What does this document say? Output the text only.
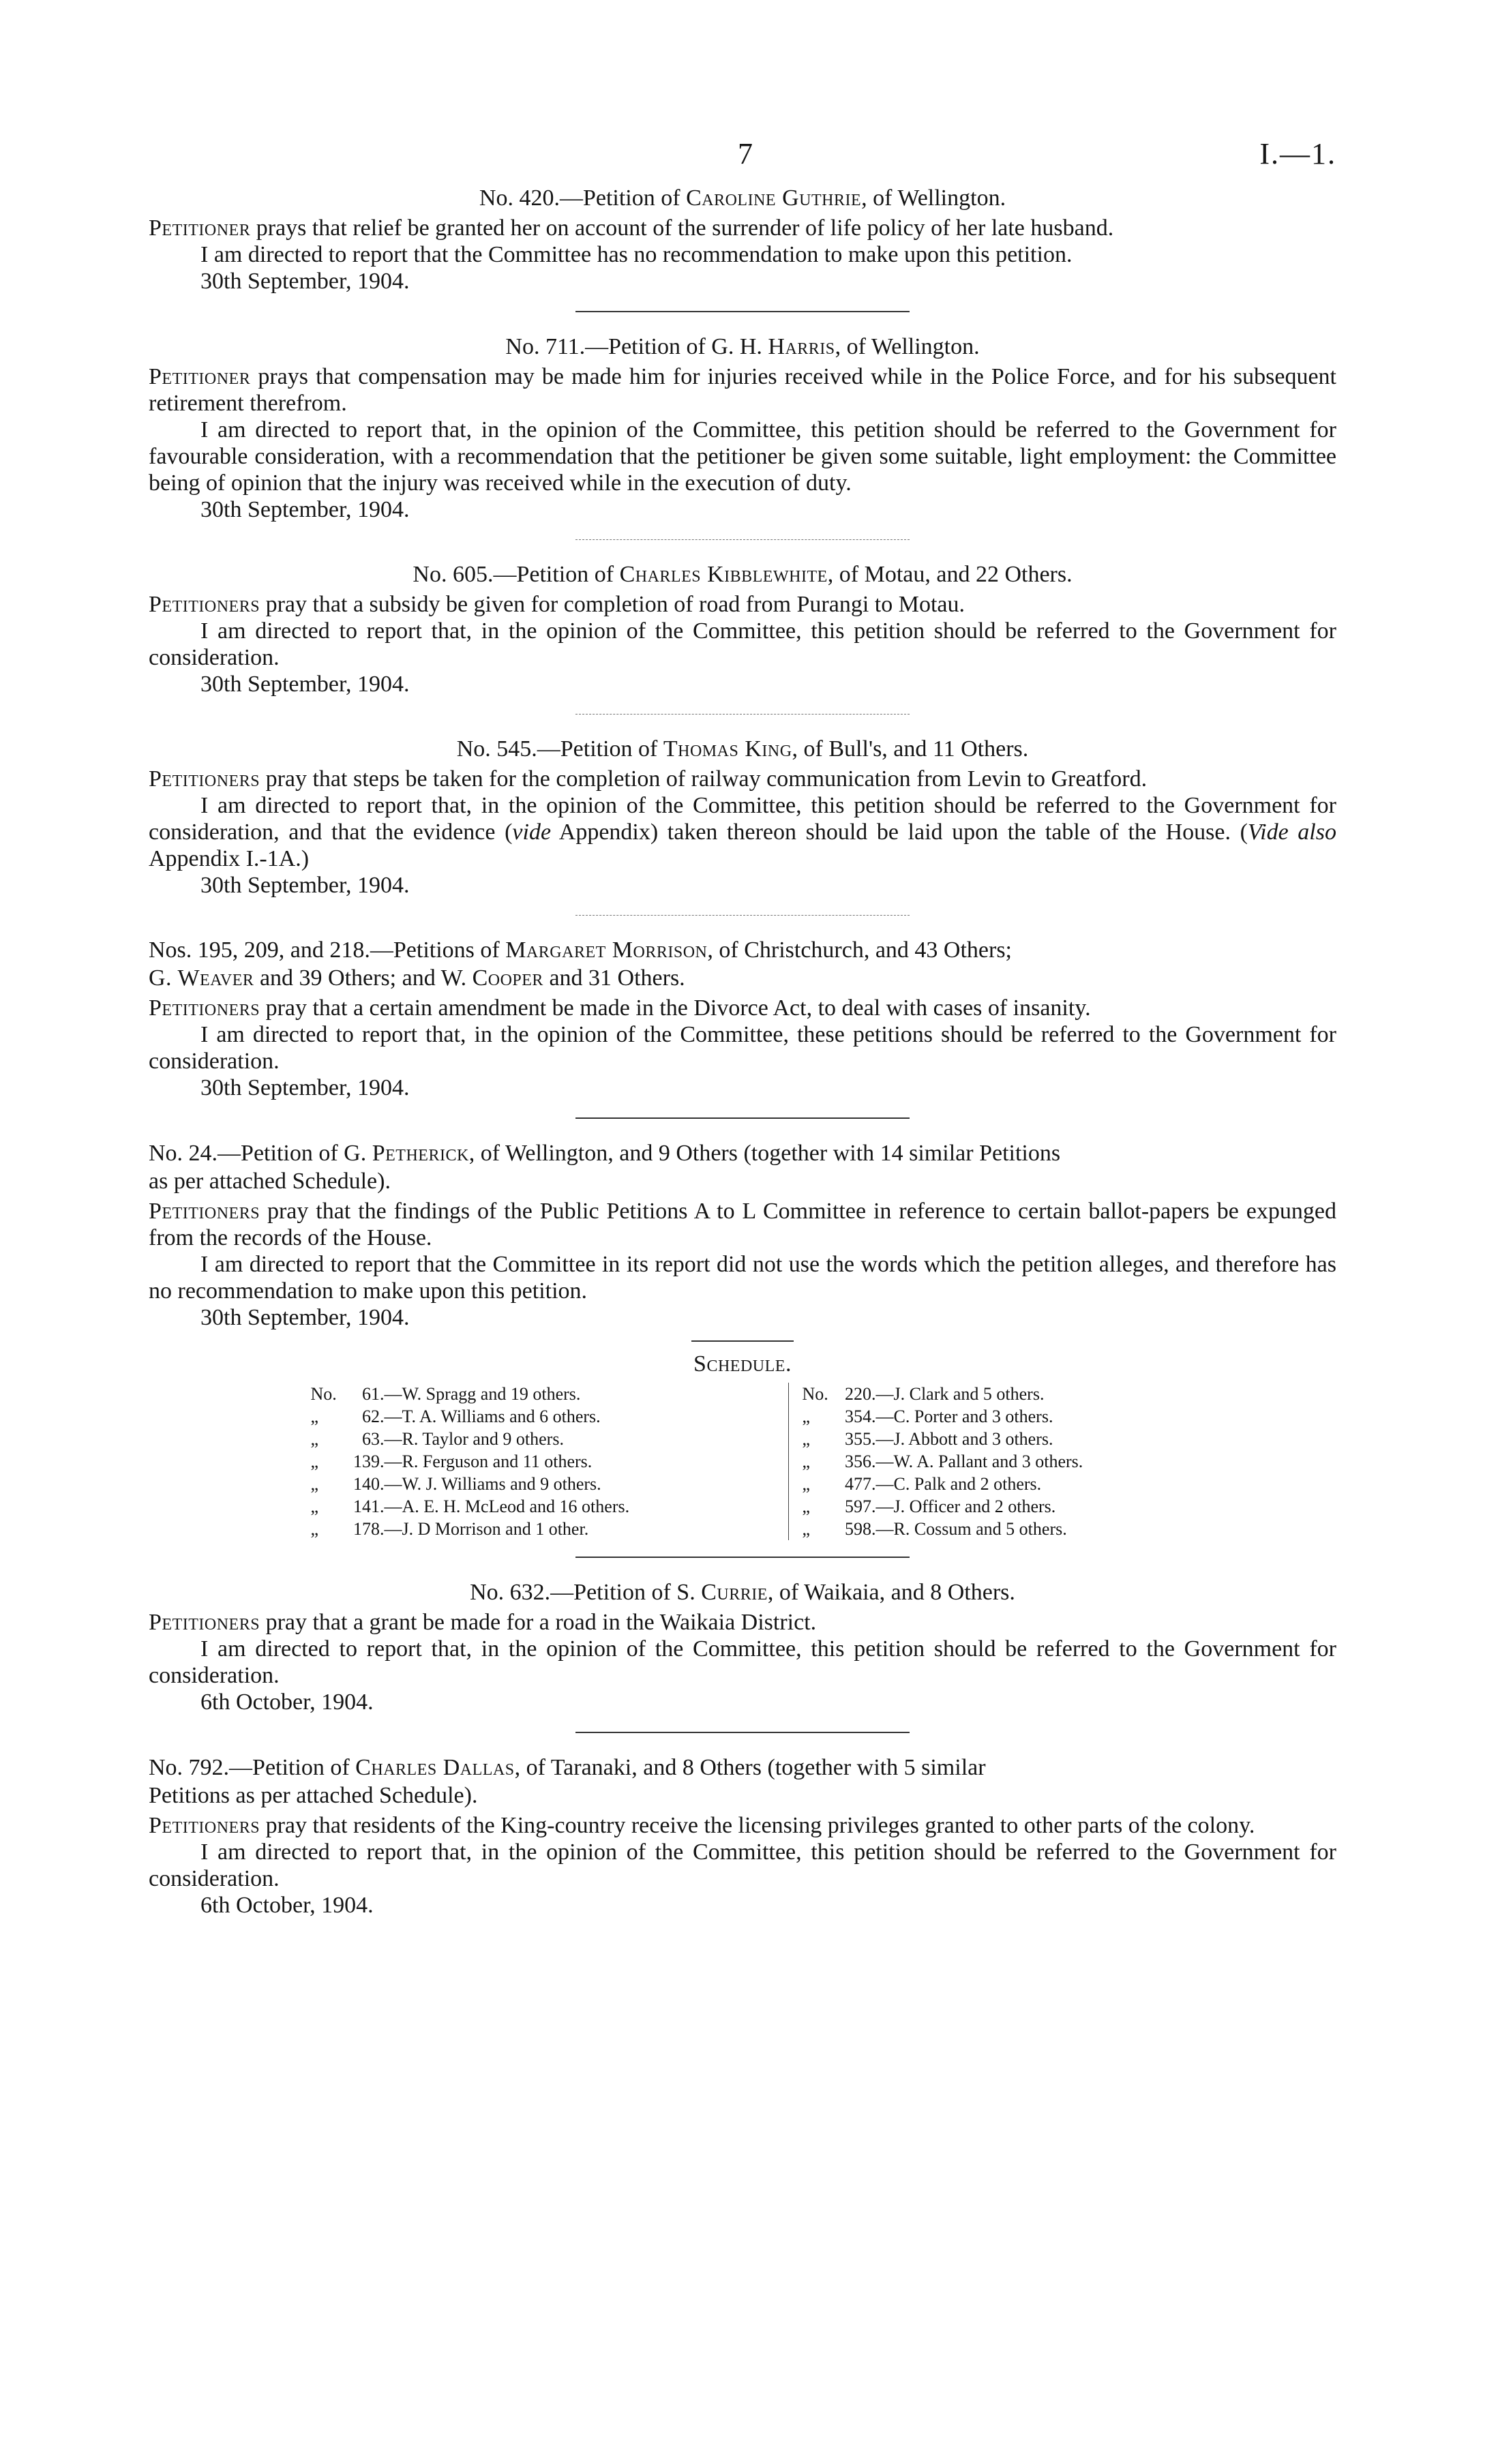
7	I.—1.

No. 420.—Petition of Caroline Guthrie, of Wellington.

Petitioner prays that relief be granted her on account of the surrender of life policy of her late husband.

I am directed to report that the Committee has no recommendation to make upon this petition.

30th September, 1904.

No. 711.—Petition of G. H. Harris, of Wellington.

Petitioner prays that compensation may be made him for injuries received while in the Police Force, and for his subsequent retirement therefrom.

I am directed to report that, in the opinion of the Committee, this petition should be referred to the Government for favourable consideration, with a recommendation that the petitioner be given some suitable, light employment: the Committee being of opinion that the injury was received while in the execution of duty.

30th September, 1904.

No. 605.—Petition of Charles Kibblewhite, of Motau, and 22 Others.

Petitioners pray that a subsidy be given for completion of road from Purangi to Motau.

I am directed to report that, in the opinion of the Committee, this petition should be referred to the Government for consideration.

30th September, 1904.

No. 545.—Petition of Thomas King, of Bull's, and 11 Others.

Petitioners pray that steps be taken for the completion of railway communication from Levin to Greatford.

I am directed to report that, in the opinion of the Committee, this petition should be referred to the Government for consideration, and that the evidence (vide Appendix) taken thereon should be laid upon the table of the House. (Vide also Appendix I.-1A.)

30th September, 1904.

Nos. 195, 209, and 218.—Petitions of Margaret Morrison, of Christchurch, and 43 Others;
G. Weaver and 39 Others; and W. Cooper and 31 Others.

Petitioners pray that a certain amendment be made in the Divorce Act, to deal with cases of insanity.

I am directed to report that, in the opinion of the Committee, these petitions should be referred to the Government for consideration.

30th September, 1904.

No. 24.—Petition of G. Petherick, of Wellington, and 9 Others (together with 14 similar Petitions
as per attached Schedule).

Petitioners pray that the findings of the Public Petitions A to L Committee in reference to certain ballot-papers be expunged from the records of the House.

I am directed to report that the Committee in its report did not use the words which the petition alleges, and therefore has no recommendation to make upon this petition.

30th September, 1904.

Schedule.
No. 61.—W. Spragg and 19 others.
„ 62.—T. A. Williams and 6 others.
„ 63.—R. Taylor and 9 others.
„ 139.—R. Ferguson and 11 others.
„ 140.—W. J. Williams and 9 others.
„ 141.—A. E. H. McLeod and 16 others.
„ 178.—J. D Morrison and 1 other.
No. 220.—J. Clark and 5 others.
„ 354.—C. Porter and 3 others.
„ 355.—J. Abbott and 3 others.
„ 356.—W. A. Pallant and 3 others.
„ 477.—C. Palk and 2 others.
„ 597.—J. Officer and 2 others.
„ 598.—R. Cossum and 5 others.

No. 632.—Petition of S. Currie, of Waikaia, and 8 Others.

Petitioners pray that a grant be made for a road in the Waikaia District.

I am directed to report that, in the opinion of the Committee, this petition should be referred to the Government for consideration.

6th October, 1904.

No. 792.—Petition of Charles Dallas, of Taranaki, and 8 Others (together with 5 similar
Petitions as per attached Schedule).

Petitioners pray that residents of the King-country receive the licensing privileges granted to other parts of the colony.

I am directed to report that, in the opinion of the Committee, this petition should be referred to the Government for consideration.

6th October, 1904.
